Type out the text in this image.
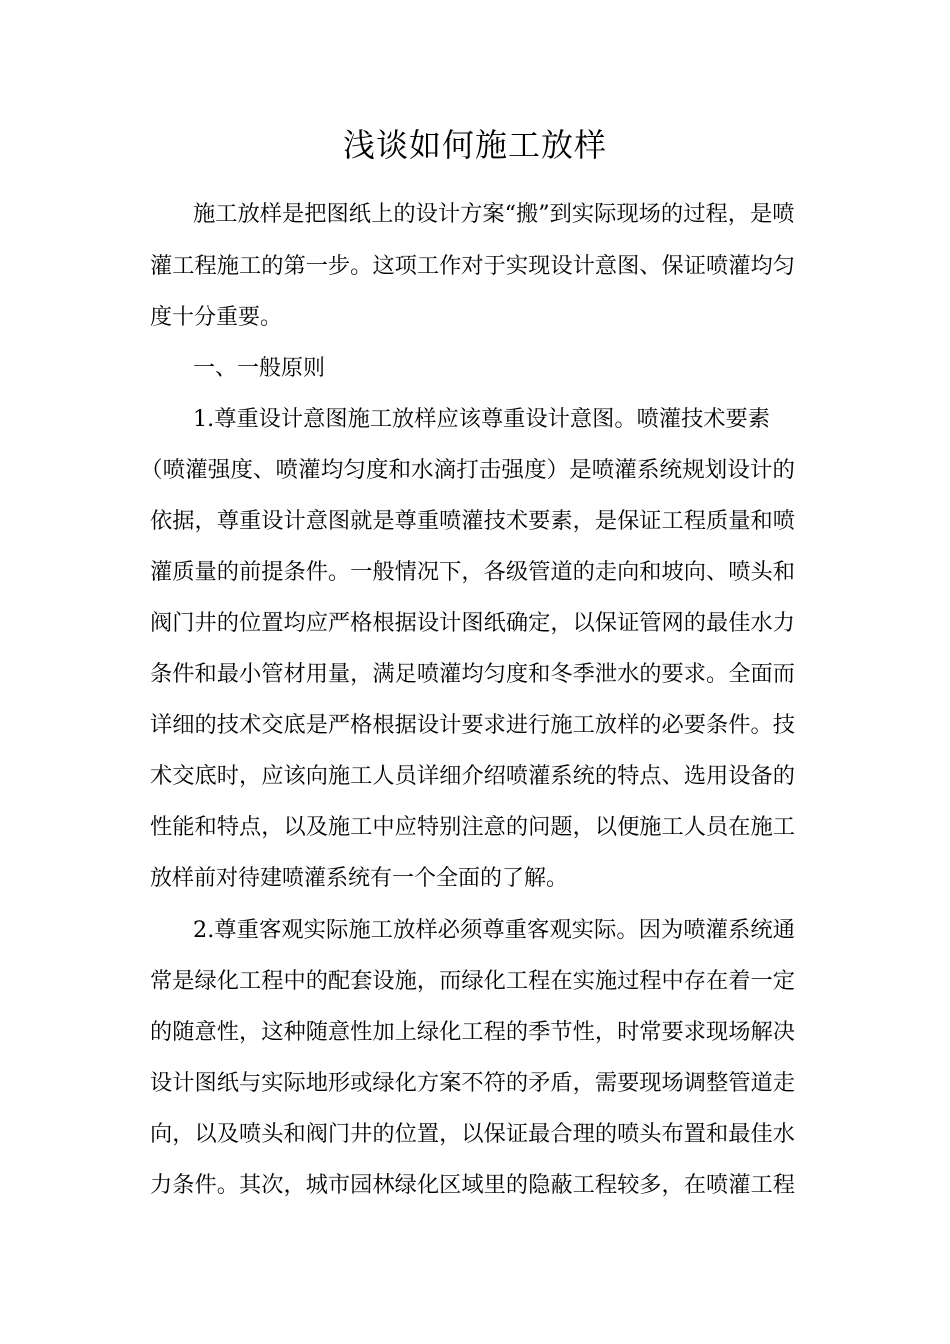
浅谈如何施工放样
施工放样是把图纸上的设计方案“搬”到实际现场的过程，是喷
灌工程施工的第一步。这项工作对于实现设计意图、保证喷灌均匀
度十分重要。
一、一般原则
1.尊重设计意图施工放样应该尊重设计意图。喷灌技术要素
（喷灌强度、喷灌均匀度和水滴打击强度）是喷灌系统规划设计的
依据，尊重设计意图就是尊重喷灌技术要素，是保证工程质量和喷
灌质量的前提条件。一般情况下，各级管道的走向和坡向、喷头和
阀门井的位置均应严格根据设计图纸确定，以保证管网的最佳水力
条件和最小管材用量，满足喷灌均匀度和冬季泄水的要求。全面而
详细的技术交底是严格根据设计要求进行施工放样的必要条件。技
术交底时，应该向施工人员详细介绍喷灌系统的特点、选用设备的
性能和特点，以及施工中应特别注意的问题，以便施工人员在施工
放样前对待建喷灌系统有一个全面的了解。
2.尊重客观实际施工放样必须尊重客观实际。因为喷灌系统通
常是绿化工程中的配套设施，而绿化工程在实施过程中存在着一定
的随意性，这种随意性加上绿化工程的季节性，时常要求现场解决
设计图纸与实际地形或绿化方案不符的矛盾，需要现场调整管道走
向，以及喷头和阀门井的位置，以保证最合理的喷头布置和最佳水
力条件。其次，城市园林绿化区域里的隐蔽工程较多，在喷灌工程
